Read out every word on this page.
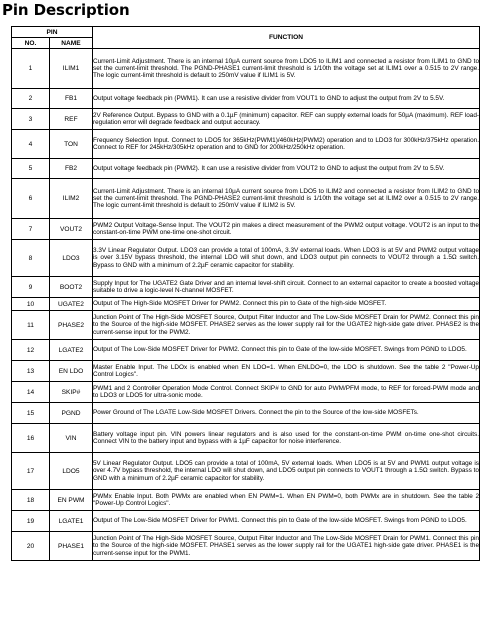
Pin Description
PIN		FUNCTION
NO.	NAME	
1	ILIM1	Current-Limit Adjustment. There is an internal 10µA current source from LDO5 to ILIM1 and connected a resistor from ILIM1 to GND to set the current-limit threshold. The PGND-PHASE1 current-limit threshold is 1/10th the voltage set at ILIM1 over a 0.515 to 2V range. The logic current-limit threshold is default to 250mV value if ILIM1 is 5V.
2	FB1	Output voltage feedback pin (PWM1). It can use a resistive divider from VOUT1 to GND to adjust the output from 2V to 5.5V.
3	REF	2V Reference Output. Bypass to GND with a 0.1µF (minimum) capacitor. REF can supply external loads for 50µA (maximum). REF load-regulation error will degrade feedback and output accuracy.
4	TON	Frequency Selection Input. Connect to LDO5 for 365kHz(PWM1)/460kHz(PWM2) operation and to LDO3 for 300kHz/375kHz operation. Connect to REF for 245kHz/305kHz operation and to GND for 200kHz/250kHz operation.
5	FB2	Output voltage feedback pin (PWM2). It can use a resistive divider from VOUT2 to GND to adjust the output from 2V to 5.5V.
6	ILIM2	Current-Limit Adjustment. There is an internal 10µA current source from LDO5 to ILIM2 and connected a resistor from ILIM2 to GND to set the current-limit threshold. The PGND-PHASE2 current-limit threshold is 1/10th the voltage set at ILIM2 over a 0.515 to 2V range. The logic current-limit threshold is default to 250mV value if ILIM2 is 5V.
7	VOUT2	PWM2 Output Voltage-Sense Input. The VOUT2 pin makes a direct measurement of the PWM2 output voltage. VOUT2 is an input to the constant-on-time PWM one-time one-shot circuit.
8	LDO3	3.3V Linear Regulator Output. LDO3 can provide a total of 100mA, 3.3V external loads. When LDO3 is at 5V and PWM2 output voltage is over 3.15V bypass threshold, the internal LDO will shut down, and LDO3 output pin connects to VOUT2 through a 1.5Ω switch. Bypass to GND with a minimum of 2.2µF ceramic capacitor for stability.
9	BOOT2	Supply Input for The UGATE2 Gate Driver and an internal level-shift circuit. Connect to an external capacitor to create a boosted voltage suitable to drive a logic-level N-channel MOSFET.
10	UGATE2	Output of The High-Side MOSFET Driver for PWM2. Connect this pin to Gate of the high-side MOSFET.
11	PHASE2	Junction Point of The High-Side MOSFET Source, Output Filter Inductor and The Low-Side MOSFET Drain for PWM2. Connect this pin to the Source of the high-side MOSFET. PHASE2 serves as the lower supply rail for the UGATE2 high-side gate driver. PHASE2 is the current-sense input for the PWM2.
12	LGATE2	Output of The Low-Side MOSFET Driver for PWM2. Connect this pin to Gate of the low-side MOSFET. Swings from PGND to LDO5.
13	EN LDO	Master Enable Input. The LDOx is enabled when EN LDO=1. When ENLDO=0, the LDO is shutdown. See the table 2 "Power-Up Control Logics".
14	SKIP#	PWM1 and 2 Controller Operation Mode Control. Connect SKIP# to GND for auto PWM/PFM mode, to REF for forced-PWM mode and to LDO3 or LDO5 for ultra-sonic mode.
15	PGND	Power Ground of The LGATE Low-Side MOSFET Drivers. Connect the pin to the Source of the low-side MOSFETs.
16	VIN	Battery voltage input pin. VIN powers linear regulators and is also used for the constant-on-time PWM on-time one-shot circuits. Connect VIN to the battery input and bypass with a 1µF capacitor for noise interference.
17	LDO5	5V Linear Regulator Output. LDO5 can provide a total of 100mA, 5V external loads. When LDO5 is at 5V and PWM1 output voltage is over 4.7V bypass threshold, the internal LDO will shut down, and LDO5 output pin connects to VOUT1 through a 1.5Ω switch. Bypass to GND with a minimum of 2.2µF ceramic capacitor for stability.
18	EN PWM	PWMx Enable Input. Both PWMx are enabled when EN PWM=1. When EN PWM=0, both PWMx are in shutdown. See the table 2 "Power-Up Control Logics".
19	LGATE1	Output of The Low-Side MOSFET Driver for PWM1. Connect this pin to Gate of the low-side MOSFET. Swings from PGND to LDO5.
20	PHASE1	Junction Point of The High-Side MOSFET Source, Output Filter Inductor and The Low-Side MOSFET Drain for PWM1. Connect this pin to the Source of the high-side MOSFET. PHASE1 serves as the lower supply rail for the UGATE1 high-side gate driver. PHASE1 is the current-sense input for the PWM1.
